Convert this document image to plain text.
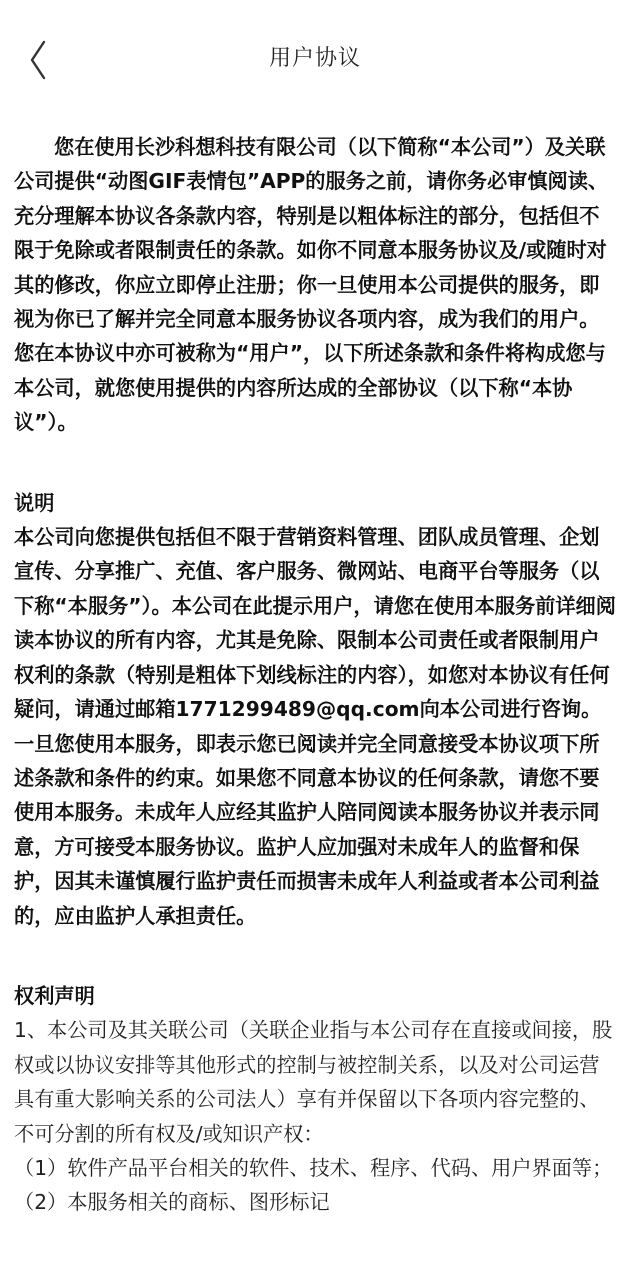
用户协议

您在使用长沙科想科技有限公司（以下简称“本公司”）及关联公司提供“动图GIF表情包”APP的服务之前，请你务必审慎阅读、充分理解本协议各条款内容，特别是以粗体标注的部分，包括但不限于免除或者限制责任的条款。如你不同意本服务协议及/或随时对其的修改，你应立即停止注册；你一旦使用本公司提供的服务，即视为你已了解并完全同意本服务协议各项内容，成为我们的用户。您在本协议中亦可被称为“用户”，以下所述条款和条件将构成您与本公司，就您使用提供的内容所达成的全部协议（以下称“本协议”）。

说明

本公司向您提供包括但不限于营销资料管理、团队成员管理、企划宣传、分享推广、充值、客户服务、微网站、电商平台等服务（以下称“本服务”）。本公司在此提示用户，请您在使用本服务前详细阅读本协议的所有内容，尤其是免除、限制本公司责任或者限制用户权利的条款（特别是粗体下划线标注的内容），如您对本协议有任何疑问，请通过邮箱1771299489@qq.com向本公司进行咨询。一旦您使用本服务，即表示您已阅读并完全同意接受本协议项下所述条款和条件的约束。如果您不同意本协议的任何条款，请您不要使用本服务。未成年人应经其监护人陪同阅读本服务协议并表示同意，方可接受本服务协议。监护人应加强对未成年人的监督和保护，因其未谨慎履行监护责任而损害未成年人利益或者本公司利益的，应由监护人承担责任。

权利声明

1、本公司及其关联公司（关联企业指与本公司存在直接或间接，股权或以协议安排等其他形式的控制与被控制关系，以及对公司运营具有重大影响关系的公司法人）享有并保留以下各项内容完整的、不可分割的所有权及/或知识产权：

（1）软件产品平台相关的软件、技术、程序、代码、用户界面等；

（2）本服务相关的商标、图形标记
